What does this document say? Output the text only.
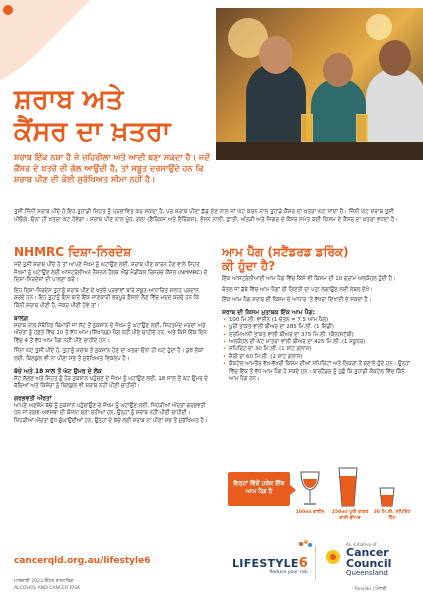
ਸ਼ਰਾਬ ਅਤੇ
ਕੈਂਸਰ ਦਾ ਖ਼ਤਰਾ
ਸ਼ਰਾਬ ਇੱਕ ਨਸ਼ਾ ਹੈ ਜੋ ਜ਼ਹਿਰੀਲਾ ਅਤੇ ਆਦੀ ਬਣਾ ਸਕਦਾ ਹੈ। ਜਦੋਂ ਕੈਂਸਰ ਦੇ ਖ਼ਤਰੇ ਦੀ ਗੱਲ ਆਉਂਦੀ ਹੈ, ਤਾਂ ਸਬੂਤ ਦਰਸਾਉਂਦੇ ਹਨ ਕਿ ਸ਼ਰਾਬ ਪੀਣ ਦੀ ਕੋਈ ਸੁਰੱਖਿਅਤ ਸੀਮਾ ਨਹੀਂ ਹੈ।
ਤੁਸੀਂ ਜਿੰਨੀ ਸ਼ਰਾਬ ਪੀਂਦੇ ਹੋ ਇਹ ਤੁਹਾਡੀ ਸਿਹਤ ਨੂੰ ਪ੍ਰਭਾਵਿਤ ਕਰ ਸਕਦਾ ਹੈ, ਪਰ ਸ਼ਰਾਬ ਪੀਣਾ ਛੱਡ ਦੇਣ ਨਾਲ ਜਾਂ ਘੱਟ ਕਰਨ ਨਾਲ ਤੁਹਾਡੇ ਕੈਂਸਰ ਦਾ ਖ਼ਤਰਾ ਘੱਟ ਜਾਂਦਾ ਹੈ। ਜਿੰਨੀ ਘੱਟ ਸ਼ਰਾਬ ਤੁਸੀਂ ਪੀਓਗੇ, ਓਨਾ ਹੀ ਖ਼ਤਰਾ ਘੱਟ ਹੋਵੇਗਾ। ਸ਼ਰਾਬ ਪੀਣ ਨਾਲ ਮੂੰਹ, ਗਲਾ (ਫੈਰਿੰਕਸ ਅਤੇ ਲੈਰਿੰਕਸ), ਭੋਜਨ ਨਾਲੀ, ਛਾਤੀ, ਅੰਤੜੀ ਅਤੇ ਜਿਗਰ ਦੇ ਕੈਂਸਰ ਸਮੇਤ ਕਈ ਕਿਸਮ ਦੇ ਕੈਂਸਰ ਦਾ ਖ਼ਤਰਾ ਵਧਦਾ ਹੈ।
NHMRC ਦਿਸ਼ਾ-ਨਿਰਦੇਸ਼
ਜਦੋਂ ਤੁਸੀਂ ਸ਼ਰਾਬ ਪੀਂਦੇ ਹੋ ਤਾਂ ਆਪਣੇ ਜੋਖਮ ਨੂੰ ਘਟਾਉਣ ਲਈ, ਸ਼ਰਾਬ ਪੀਣ ਕਾਰਨ ਹੋਣ ਵਾਲੇ ਸਿਹਤ ਜੋਖਮਾਂ ਨੂੰ ਘਟਾਉਣ ਲਈ ਆਸਟ੍ਰੇਲੀਅਨ ਨੈਸ਼ਨਲ ਹੈਲਥ ਐਂਡ ਮੈਡੀਕਲ ਰਿਸਰਚ ਕੌਂਸਲ (NHMRC) ਦੇ ਦਿਸ਼ਾ-ਨਿਰਦੇਸ਼ਾਂ ਦੀ ਪਾਲਣਾ ਕਰੋ।
ਇਹ ਦਿਸ਼ਾ-ਨਿਰਦੇਸ਼ ਤੁਹਾਨੂੰ ਸ਼ਰਾਬ ਪੀਣ ਦੇ ਖ਼ਤਰੇ ਪ੍ਰਭਾਵਾਂ ਬਾਰੇ ਸਬੂਤ-ਆਧਾਰਿਤ ਸਲਾਹ ਪ੍ਰਦਾਨ ਕਰਦੇ ਹਨ। ਇਹ ਤੁਹਾਨੂੰ ਇਸ ਬਾਰੇ ਇੱਕ ਜਾਣਕਾਰੀ ਭਰਪੂਰ ਫ਼ੈਸਲਾ ਲੈਣ ਵਿੱਚ ਮਦਦ ਕਰਦੇ ਹਨ ਕਿ ਕਿੰਨੀ ਸ਼ਰਾਬ ਪੀਣੀ ਹੈ, ਜੇਕਰ ਪੀਣੀ ਹੋਵੇ ਤਾਂ।
ਬਾਲਗ਼
ਸ਼ਰਾਬ ਨਾਲ ਸੰਬੰਧਿਤ ਬਿਮਾਰੀ ਜਾਂ ਸੱਟ ਤੋਂ ਨੁਕਸਾਨ ਦੇ ਜੋਖਮ ਨੂੰ ਘਟਾਉਣ ਲਈ, ਸਿਹਤਮੰਦ ਮਰਦਾਂ ਅਤੇ ਔਰਤਾਂ ਨੂੰ ਹਫ਼ਤੇ ਵਿੱਚ 10 ਤੋਂ ਵੱਧ ਆਮ (ਸਿੱਖਾਰਡ) ਪੈੱਗ ਨਹੀਂ ਪੀਣੇ ਚਾਹੀਦੇ ਹਨ, ਅਤੇ ਕਿਸੇ ਇੱਕ ਦਿਨ ਵਿੱਚ 4 ਤੋਂ ਵੱਧ ਆਮ ਪੈੱਗ ਨਹੀਂ ਪੀਣੇ ਚਾਹੀਦੇ ਹਨ।
ਜਿੰਨਾ ਘੱਟ ਤੁਸੀਂ ਪੀਂਦੇ ਹੋ, ਤੁਹਾਨੂੰ ਸ਼ਰਾਬ ਤੋਂ ਨੁਕਸਾਨ ਹੋਣ ਦਾ ਖ਼ਤਰਾ ਓਨਾ ਹੀ ਘੱਟ ਹੁੰਦਾ ਹੈ। ਕੁਝ ਲੋਕਾਂ ਲਈ, ਬਿਲਕੁਲ ਵੀ ਨਾ ਪੀਣਾ ਸਭ ਤੋਂ ਸੁਰੱਖਿਅਤ ਵਿਕਲਪ ਹੈ।
ਬੱਚੇ ਅਤੇ 18 ਸਾਲ ਤੋਂ ਘੱਟ ਉਮਰ ਦੇ ਲੋਕ
ਸੱਟ ਲੱਗਣ ਅਤੇ ਸਿਹਤ ਨੂੰ ਹੋਰ ਨੁਕਸਾਨ ਪਹੁੰਚਣ ਦੇ ਜੋਖਮ ਨੂੰ ਘਟਾਉਣ ਲਈ, 18 ਸਾਲ ਤੋਂ ਘੱਟ ਉਮਰ ਦੇ ਬੱਚਿਆਂ ਅਤੇ ਕਿਸ਼ੋਰਾਂ ਨੂੰ ਬਿਲਕੁਲ ਵੀ ਸ਼ਰਾਬ ਨਹੀਂ ਪੀਣੀ ਚਾਹੀਦੀ।
ਗਰਭਵਤੀ ਔਰਤਾਂ
ਆਪਣੇ ਅਣਜੰਮੇ ਬੱਚੇ ਨੂੰ ਨੁਕਸਾਨ ਪਹੁੰਚਾਉਣ ਦੇ ਜੋਖਮ ਨੂੰ ਘਟਾਉਣ ਲਈ, ਜਿਹੜੀਆਂ ਔਰਤਾਂ ਗਰਭਵਤੀ ਹਨ ਜਾਂ ਗਰਭ-ਅਵਸਥਾ ਦੀ ਯੋਜਨਾ ਬਣਾ ਰਹੀਆਂ ਹਨ, ਉਨ੍ਹਾਂ ਨੂੰ ਸ਼ਰਾਬ ਨਹੀਂ ਪੀਣੀ ਚਾਹੀਦੀ। ਜਿਹੜੀਆਂ ਔਰਤਾਂ ਦੁੱਧ ਚੁੰਘਾਉਂਦੀਆਂ ਹਨ, ਉਨ੍ਹਾਂ ਦੇ ਬੱਚੇ ਲਈ ਸ਼ਰਾਬ ਨਾ ਪੀਣਾ ਸਭ ਤੋਂ ਸੁਰੱਖਿਅਤ ਹੈ।
ਆਮ ਪੈੱਗ (ਸਟੈਂਡਰਡ ਡਰਿੰਕ)
ਕੀ ਹੁੰਦਾ ਹੈ?
ਇੱਕ ਆਸਟ੍ਰੇਲੀਆਈ ਆਮ ਪੈੱਗ ਵਿੱਚ ਕਿਸੇ ਵੀ ਕਿਸਮ ਦੀ 10 ਗ੍ਰਾਮ ਅਲਕੋਹਲ ਹੁੰਦੀ ਹੈ।
ਬੋਤਲ ਜਾਂ ਡੱਬੇ ਵਿੱਚ ਆਮ ਪੈੱਗਾਂ ਦੀ ਗਿਣਤੀ ਦਾ ਪਤਾ ਲਗਾਉਣ ਲਈ ਲੇਬਲ ਦੇਖੋ।
ਇੱਕ ਆਮ ਪੈੱਗ ਸ਼ਰਾਬ ਦੀ ਕਿਸਮ ਦੇ ਆਧਾਰ 'ਤੇ ਵੱਖਰਾ ਦਿਖਾਈ ਦੇ ਸਕਦਾ ਹੈ।
ਸ਼ਰਾਬ ਦੀ ਕਿਸਮ ਮੁਤਾਬਕ ਇੱਕ ਆਮ ਪੈੱਗ:
• 100 ਮਿ.ਲੀ. ਵਾਈਨ (1 ਚੇਤਨ = 7.5 ਆਮ ਪੈੱਗ)
• ਪੂਰੀ ਤਾਕਤ ਵਾਲੀ ਬੀਅਰ ਦਾ 285 ਮਿ.ਲੀ. (1 ਮਿੱਡੀ)
• ਦਰਮਿਆਨੀ ਤਾਕਤ ਵਾਲੀ ਬੀਅਰ ਦਾ 375 ਮਿ.ਲੀ. (ਕੈਨ/ਸਟੱਬੀ)
• ਅਲਕੋਹਲ ਦੀ ਘੱਟ ਮਾਤਰਾ ਵਾਲੀ ਬੀਅਰ ਦਾ 425 ਮਿ.ਲੀ. (1 ਸਕੂਨਰ)
• ਸਪਿਰਿਟ ਦਾ 30 ਮਿ.ਲੀ. (1 ਸ਼ਾਟ ਗਲਾਸ)
• ਸ਼ੈਰੀ ਦਾ 60 ਮਿ.ਲੀ. (2 ਸ਼ਾਟ ਗਲਾਸ)
• ਕੌਕਟੇਲ ਆਮਤੌਰ ਵੱਖ-ਵੱਖਰੀ ਕਿਸਮ ਦੀਆਂ ਸਪਿਰਿਟਾਂ ਅਤੇ ਲਿਕਰਾਂ ਤੋਂ ਬਣਾਏ ਹੁੰਦੇ ਹਨ। ਉਨ੍ਹਾਂ ਵਿੱਚ ਇੱਕ ਤੋਂ ਵੱਧ ਆਮ ਪੈੱਗ ਹੋ ਸਕਦੇ ਹਨ। ਬਾਰਟੈਂਡਰ ਨੂੰ ਪੁੱਛੋ ਕਿ ਤੁਹਾਡੀ ਕੌਕਟੇਲ ਵਿੱਚ ਕਿੰਨੇ ਆਮ ਪੈੱਗ ਹਨ।
ਇਨ੍ਹਾਂ ਵਿੱਚੋਂ ਹਰੇਕ ਇੱਕ ਆਮ ਪੈੱਗ ਹੈ
100ml ਵਾਈਨ	250ml ਪੂਰੀ ਤਾਕਤ ਵਾਲੀ ਬੀਅਰ
30 ਮਿ.ਲੀ. ਸਪਿਰਿਟ ਹਿੱਪ
cancerqld.org.au/lifestyle6
ਮਾਰਚਾਈ 2023 ਇੰਟਰ ਰਾਸ਼ਟਰਿਕ
ALCOHOL AND CANCER RISK
LIFESTYLE6
Reduce your risk
An initiative of
Cancer
Council
Queensland
Punjabi | ਪੰਜਾਬੀ
